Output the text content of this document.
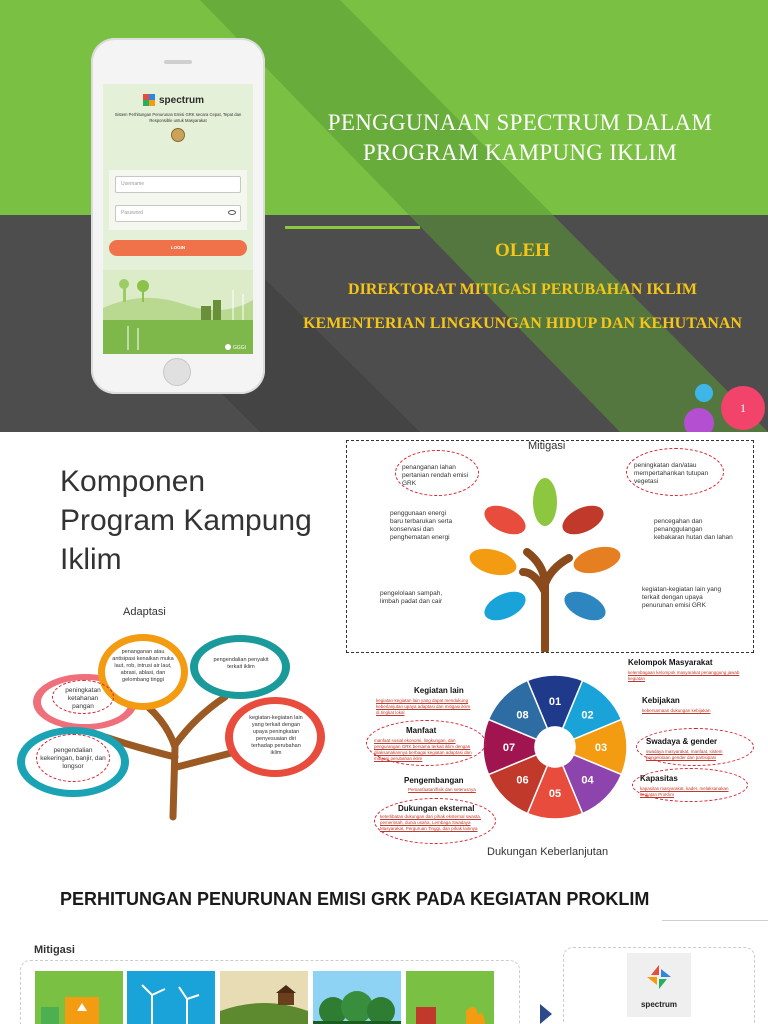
PENGGUNAAN SPECTRUM DALAM
PROGRAM KAMPUNG IKLIM
OLEH
DIREKTORAT MITIGASI PERUBAHAN IKLIM
KEMENTERIAN LINGKUNGAN HIDUP DAN KEHUTANAN
spectrum
Sistem Perhitungan Penurunan Emisi GRK secara Cepat, Tepat dan Responsible untuk Masyarakat
Username
Password
LOGIN
GGGI
1
Komponen Program Kampung Iklim
Mitigasi
penanganan lahan pertanian rendah emisi GRK
penggunaan energi baru terbarukan serta konservasi dan penghematan energi
pengelolaan sampah, limbah padat dan cair
peningkatan dan/atau mempertahankan tutupan vegetasi
pencegahan dan penanggulangan kebakaran hutan dan lahan
kegiatan-kegiatan lain yang terkait dengan upaya penurunan emisi GRK
Adaptasi
peningkatan ketahanan pangan
penanganan atau antisipasi kenaikan muka laut, rob, intrusi air laut, abrasi, ablasi, dan gelombang tinggi
pengendalian penyakit terkait iklim
pengendalian kekeringan, banjir, dan longsor
kegiatan-kegiatan lain yang terkait dengan upaya peningkatan penyesuaian diri terhadap perubahan iklim
01
02
03
04
05
06
07
08
Kelompok Masyarakat
kelembagaan kelompok masyarakat penanggung jawab kegiatan
Kebijakan
kebersamaan dukungan kebijakan
Swadaya & gender
swadaya masyarakat, manfaat, sistem pengelolaan gender dan partisipasi
Kapasitas
kapasitas masyarakat, kader, melaksanakan kegiatan ProKlim
Dukungan eksternal
keterlibatan dukungan dari pihak eksternal swasta, pemerintah, dunia usaha, Lembaga Swadaya Masyarakat, Perguruan Tinggi, dan pihak lainnya
Pengembangan
Pemanfaatan/fisik dan seterusnya
Manfaat
manfaat sosial ekonomi, lingkungan, dan pengurangan GRK bersama terkait iklim dengan dilaksanakannya berbagai kegiatan adaptasi dan mitigasi perubahan iklim
Kegiatan lain
kegiatan-kegiatan lain yang dapat mendukung keberlanjutan upaya adaptasi dan mitigasi iklim di tingkat lokal
Dukungan Keberlanjutan
PERHITUNGAN PENURUNAN EMISI GRK PADA KEGIATAN PROKLIM
Mitigasi
spectrum
